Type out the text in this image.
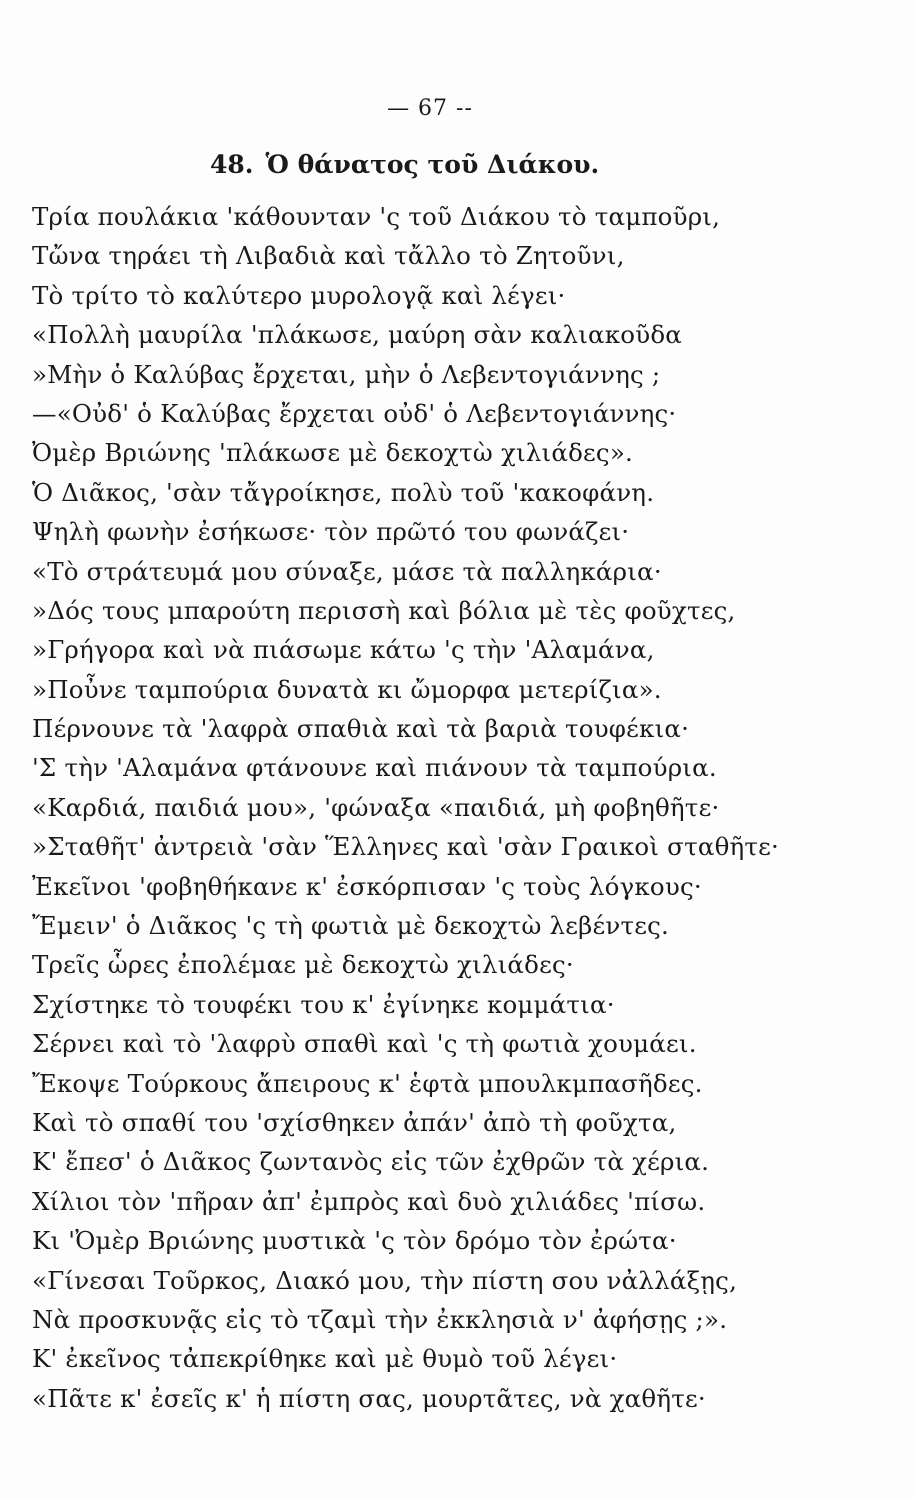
— 67 --
48. Ὁ θάνατος τοῦ Διάκου.
Τρία πουλάκια 'κάθουνταν 'ς τοῦ Διάκου τὸ ταμποῦρι,
Τὤνα τηράει τὴ Λιβαδιὰ καὶ τἄλλο τὸ Ζητοῦνι,
Τὸ τρίτο τὸ καλύτερο μυρολογᾷ καὶ λέγει·
«Πολλὴ μαυρίλα 'πλάκωσε, μαύρη σὰν καλιακοῦδα
»Μὴν ὁ Καλύβας ἔρχεται, μὴν ὁ Λεβεντογιάννης ;
—«Οὐδ' ὁ Καλύβας ἔρχεται οὐδ' ὁ Λεβεντογιάννης·
Ὀμὲρ Βριώνης 'πλάκωσε μὲ δεκοχτὼ χιλιάδες».
Ὁ Διᾶκος, 'σὰν τἄγροίκησε, πολὺ τοῦ 'κακοφάνη.
Ψηλὴ φωνὴν ἐσήκωσε· τὸν πρῶτό του φωνάζει·
«Τὸ στράτευμά μου σύναξε, μάσε τὰ παλληκάρια·
»Δός τους μπαρούτη περισσὴ καὶ βόλια μὲ τὲς φοῦχτες,
»Γρήγορα καὶ νὰ πιάσωμε κάτω 'ς τὴν 'Αλαμάνα,
»Ποὖνε ταμπούρια δυνατὰ κι ὤμορφα μετερίζια».
Πέρνουνε τὰ 'λαφρὰ σπαθιὰ καὶ τὰ βαριὰ τουφέκια·
'Σ τὴν 'Αλαμάνα φτάνουνε καὶ πιάνουν τὰ ταμπούρια.
«Καρδιά, παιδιά μου», 'φώναξα «παιδιά, μὴ φοβηθῆτε·
»Σταθῆτ' ἀντρειὰ 'σὰν Ἕλληνες καὶ 'σὰν Γραικοὶ σταθῆτε·
Ἐκεῖνοι 'φοβηθήκανε κ' ἐσκόρπισαν 'ς τοὺς λόγκους·
Ἔμειν' ὁ Διᾶκος 'ς τὴ φωτιὰ μὲ δεκοχτὼ λεβέντες.
Τρεῖς ὧρες ἐπολέμαε μὲ δεκοχτὼ χιλιάδες·
Σχίστηκε τὸ τουφέκι του κ' ἐγίνηκε κομμάτια·
Σέρνει καὶ τὸ 'λαφρὺ σπαθὶ καὶ 'ς τὴ φωτιὰ χουμάει.
Ἔκοψε Τούρκους ἄπειρους κ' ἑφτὰ μπουλκμπασῆδες.
Καὶ τὸ σπαθί του 'σχίσθηκεν ἀπάν' ἀπὸ τὴ φοῦχτα,
Κ' ἔπεσ' ὁ Διᾶκος ζωντανὸς εἰς τῶν ἐχθρῶν τὰ χέρια.
Χίλιοι τὸν 'πῆραν ἀπ' ἐμπρὸς καὶ δυὸ χιλιάδες 'πίσω.
Κι 'Ὀμὲρ Βριώνης μυστικὰ 'ς τὸν δρόμο τὸν ἐρώτα·
«Γίνεσαι Τοῦρκος, Διακό μου, τὴν πίστη σου νἀλλάξῃς,
Νὰ προσκυνᾷς εἰς τὸ τζαμὶ τὴν ἐκκλησιὰ ν' ἀφήσῃς ;».
Κ' ἐκεῖνος τἀπεκρίθηκε καὶ μὲ θυμὸ τοῦ λέγει·
«Πᾶτε κ' ἐσεῖς κ' ἡ πίστη σας, μουρτᾶτες, νὰ χαθῆτε·
